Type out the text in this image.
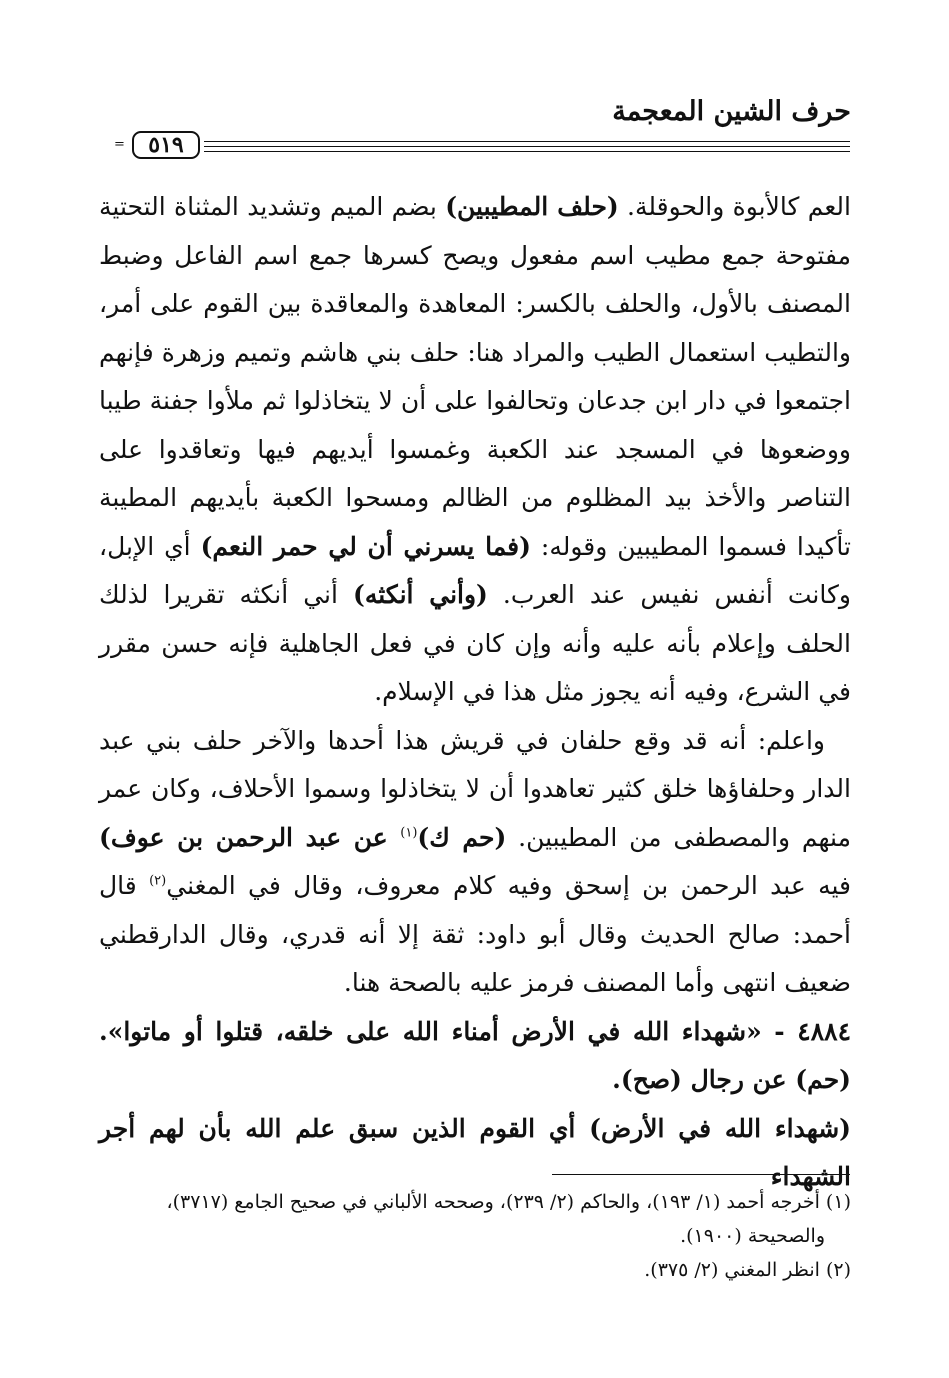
حرف الشين المعجمة
=	٥١٩

العم كالأبوة والحوقلة. (حلف المطيبين) بضم الميم وتشديد المثناة التحتية مفتوحة جمع مطيب اسم مفعول ويصح كسرها جمع اسم الفاعل وضبط المصنف بالأول، والحلف بالكسر: المعاهدة والمعاقدة بين القوم على أمر، والتطيب استعمال الطيب والمراد هنا: حلف بني هاشم وتميم وزهرة فإنهم اجتمعوا في دار ابن جدعان وتحالفوا على أن لا يتخاذلوا ثم ملأوا جفنة طيبا ووضعوها في المسجد عند الكعبة وغمسوا أيديهم فيها وتعاقدوا على التناصر والأخذ بيد المظلوم من الظالم ومسحوا الكعبة بأيديهم المطيبة تأكيدا فسموا المطيبين وقوله: (فما يسرني أن لي حمر النعم) أي الإبل، وكانت أنفس نفيس عند العرب. (وأني أنكثه) أني أنكثه تقريرا لذلك الحلف وإعلام بأنه عليه وأنه وإن كان في فعل الجاهلية فإنه حسن مقرر في الشرع، وفيه أنه يجوز مثل هذا في الإسلام.

واعلم: أنه قد وقع حلفان في قريش هذا أحدها والآخر حلف بني عبد الدار وحلفاؤها خلق كثير تعاهدوا أن لا يتخاذلوا وسموا الأحلاف، وكان عمر منهم والمصطفى من المطيبين. (حم ك)$^{(١)}$ عن عبد الرحمن بن عوف) فيه عبد الرحمن بن إسحق وفيه كلام معروف، وقال في المغني$^{(٢)}$ قال أحمد: صالح الحديث وقال أبو داود: ثقة إلا أنه قدري، وقال الدارقطني ضعيف انتهى وأما المصنف فرمز عليه بالصحة هنا.

٤٨٨٤ - «شهداء الله في الأرض أمناء الله على خلقه، قتلوا أو ماتوا». (حم) عن رجال (صح).

(شهداء الله في الأرض) أي القوم الذين سبق علم الله بأن لهم أجر الشهداء

(١) أخرجه أحمد (١/ ١٩٣)، والحاكم (٢/ ٢٣٩)، وصححه الألباني في صحيح الجامع (٣٧١٧)،

والصحيحة (١٩٠٠).

(٢) انظر المغني (٢/ ٣٧٥).
